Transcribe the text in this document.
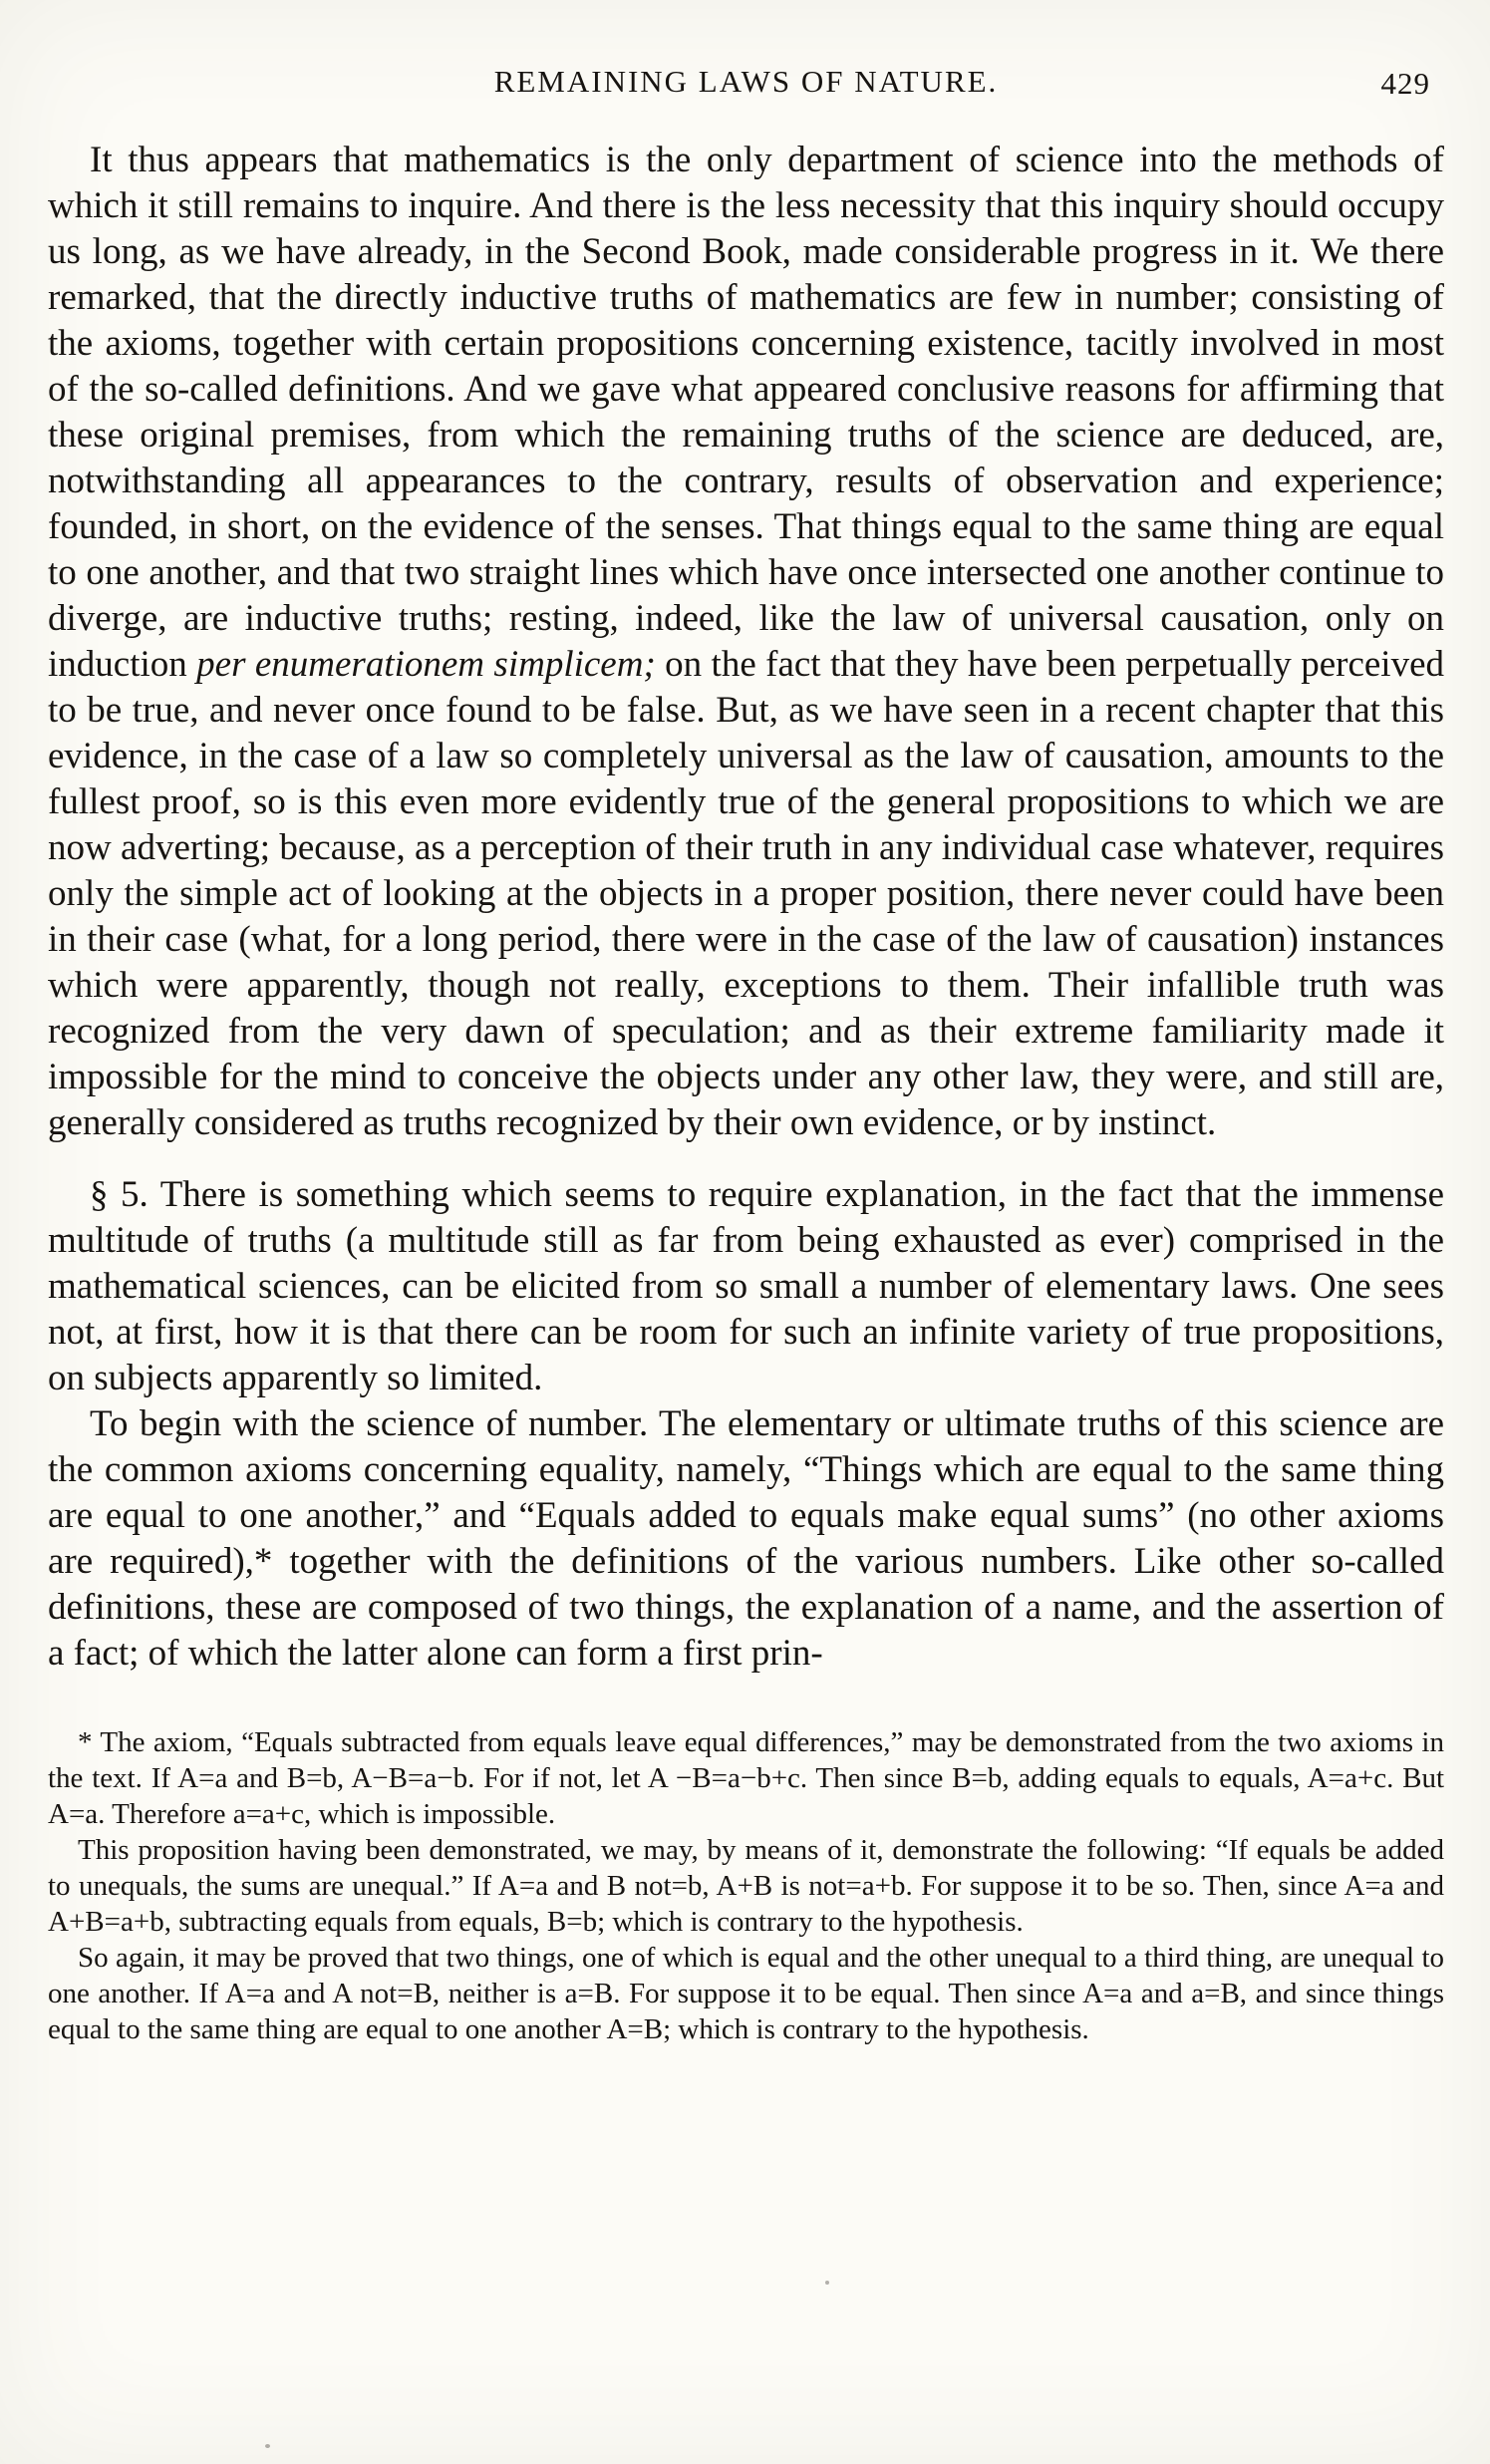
REMAINING LAWS OF NATURE.	429

It thus appears that mathematics is the only department of science into the methods of which it still remains to inquire. And there is the less necessity that this inquiry should occupy us long, as we have already, in the Second Book, made considerable progress in it. We there remarked, that the directly inductive truths of mathematics are few in number; consisting of the axioms, together with certain propositions concerning existence, tacitly involved in most of the so-called definitions. And we gave what appeared conclusive reasons for affirming that these original premises, from which the remaining truths of the science are deduced, are, notwithstanding all appearances to the contrary, results of observation and experience; founded, in short, on the evidence of the senses. That things equal to the same thing are equal to one another, and that two straight lines which have once intersected one another continue to diverge, are inductive truths; resting, indeed, like the law of universal causation, only on induction per enumerationem simplicem; on the fact that they have been perpetually perceived to be true, and never once found to be false. But, as we have seen in a recent chapter that this evidence, in the case of a law so completely universal as the law of causation, amounts to the fullest proof, so is this even more evidently true of the general propositions to which we are now adverting; because, as a perception of their truth in any individual case whatever, requires only the simple act of looking at the objects in a proper position, there never could have been in their case (what, for a long period, there were in the case of the law of causation) instances which were apparently, though not really, exceptions to them. Their infallible truth was recognized from the very dawn of speculation; and as their extreme familiarity made it impossible for the mind to conceive the objects under any other law, they were, and still are, generally considered as truths recognized by their own evidence, or by instinct.

§ 5. There is something which seems to require explanation, in the fact that the immense multitude of truths (a multitude still as far from being exhausted as ever) comprised in the mathematical sciences, can be elicited from so small a number of elementary laws. One sees not, at first, how it is that there can be room for such an infinite variety of true propositions, on subjects apparently so limited.

To begin with the science of number. The elementary or ultimate truths of this science are the common axioms concerning equality, namely, “Things which are equal to the same thing are equal to one another,” and “Equals added to equals make equal sums” (no other axioms are required),* together with the definitions of the various numbers. Like other so-called definitions, these are composed of two things, the explanation of a name, and the assertion of a fact; of which the latter alone can form a first prin-

* The axiom, “Equals subtracted from equals leave equal differences,” may be demonstrated from the two axioms in the text. If A=a and B=b, A−B=a−b. For if not, let A −B=a−b+c. Then since B=b, adding equals to equals, A=a+c. But A=a. Therefore a=a+c, which is impossible.

This proposition having been demonstrated, we may, by means of it, demonstrate the following: “If equals be added to unequals, the sums are unequal.” If A=a and B not=b, A+B is not=a+b. For suppose it to be so. Then, since A=a and A+B=a+b, subtracting equals from equals, B=b; which is contrary to the hypothesis.

So again, it may be proved that two things, one of which is equal and the other unequal to a third thing, are unequal to one another. If A=a and A not=B, neither is a=B. For suppose it to be equal. Then since A=a and a=B, and since things equal to the same thing are equal to one another A=B; which is contrary to the hypothesis.
